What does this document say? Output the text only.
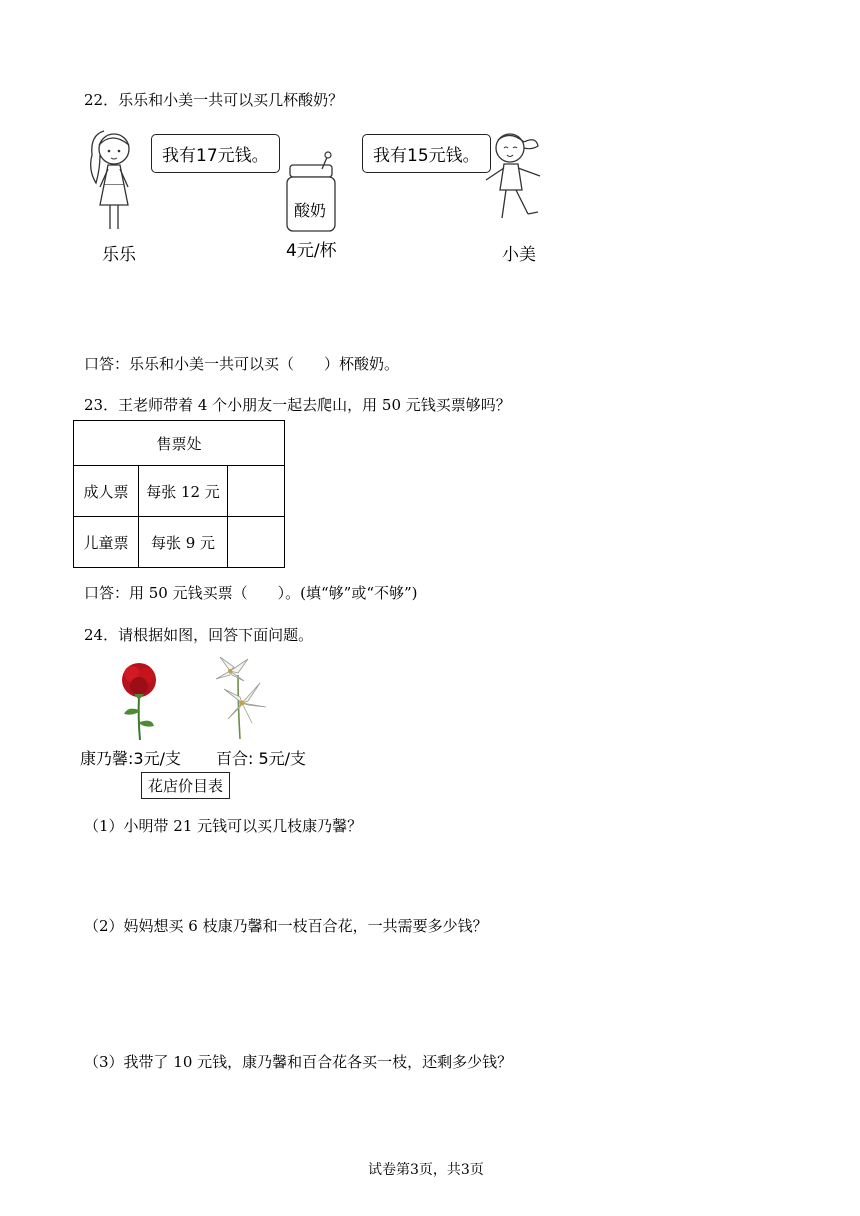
22．乐乐和小美一共可以买几杯酸奶？
我有17元钱。
乐乐
酸奶
4元/杯
我有15元钱。
小美
口答：乐乐和小美一共可以买（　　）杯酸奶。
23．王老师带着 4 个小朋友一起去爬山，用 50 元钱买票够吗？
售票处		
成人票	每张 12 元	
儿童票	每张 9 元	
口答：用 50 元钱买票（　　）。(填“够”或“不够”)
24．请根据如图，回答下面问题。
康乃馨:3元/支 百合: 5元/支
花店价目表
（1）小明带 21 元钱可以买几枝康乃馨？
（2）妈妈想买 6 枝康乃馨和一枝百合花，一共需要多少钱？
（3）我带了 10 元钱，康乃馨和百合花各买一枝，还剩多少钱？
试卷第3页，共3页
